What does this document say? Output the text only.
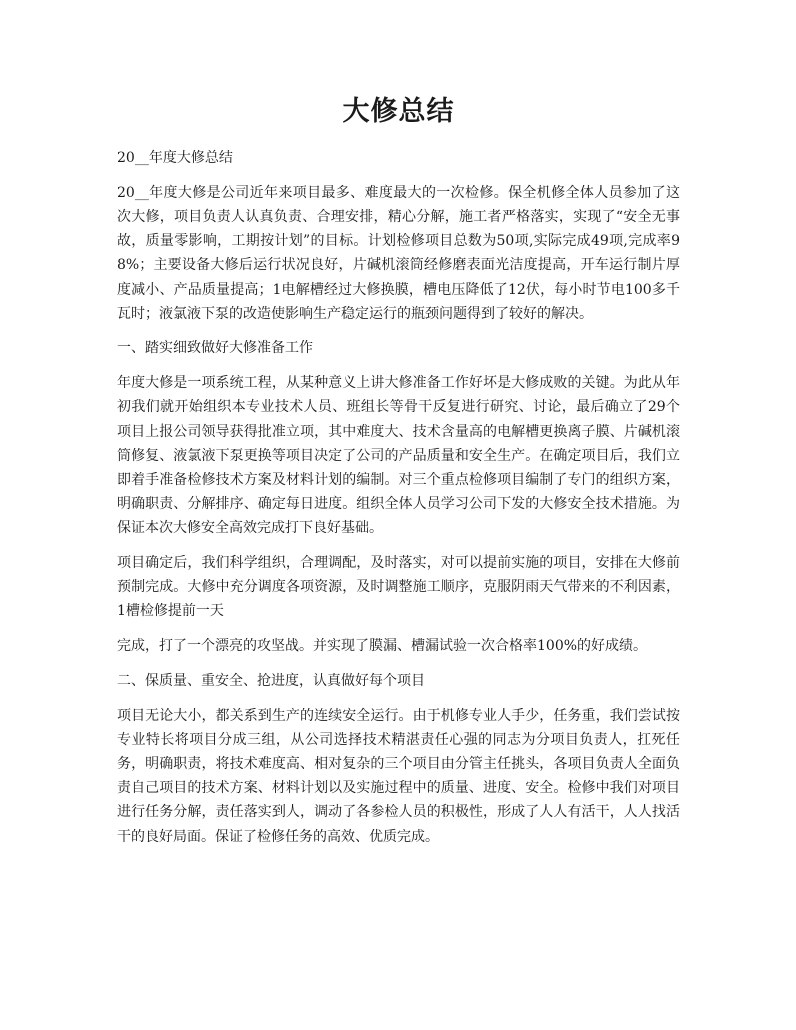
大修总结

20__年度大修总结

20__年度大修是公司近年来项目最多、难度最大的一次检修。保全机修全体人员参加了这次大修，项目负责人认真负责、合理安排，精心分解，施工者严格落实，实现了“安全无事故，质量零影响，工期按计划”的目标。计划检修项目总数为50项,实际完成49项,完成率98%；主要设备大修后运行状况良好，片碱机滚筒经修磨表面光洁度提高，开车运行制片厚度减小、产品质量提高；1电解槽经过大修换膜，槽电压降低了12伏，每小时节电100多千瓦时；液氯液下泵的改造使影响生产稳定运行的瓶颈问题得到了较好的解决。

一、踏实细致做好大修准备工作

年度大修是一项系统工程，从某种意义上讲大修准备工作好坏是大修成败的关键。为此从年初我们就开始组织本专业技术人员、班组长等骨干反复进行研究、讨论，最后确立了29个项目上报公司领导获得批准立项，其中难度大、技术含量高的电解槽更换离子膜、片碱机滚筒修复、液氯液下泵更换等项目决定了公司的产品质量和安全生产。在确定项目后，我们立即着手准备检修技术方案及材料计划的编制。对三个重点检修项目编制了专门的组织方案，明确职责、分解排序、确定每日进度。组织全体人员学习公司下发的大修安全技术措施。为保证本次大修安全高效完成打下良好基础。

项目确定后，我们科学组织，合理调配，及时落实，对可以提前实施的项目，安排在大修前预制完成。大修中充分调度各项资源，及时调整施工顺序，克服阴雨天气带来的不利因素，1槽检修提前一天

完成，打了一个漂亮的攻坚战。并实现了膜漏、槽漏试验一次合格率100%的好成绩。

二、保质量、重安全、抢进度，认真做好每个项目

项目无论大小，都关系到生产的连续安全运行。由于机修专业人手少，任务重，我们尝试按专业特长将项目分成三组，从公司选择技术精湛责任心强的同志为分项目负责人，扛死任务，明确职责，将技术难度高、相对复杂的三个项目由分管主任挑头，各项目负责人全面负责自己项目的技术方案、材料计划以及实施过程中的质量、进度、安全。检修中我们对项目进行任务分解，责任落实到人，调动了各参检人员的积极性，形成了人人有活干，人人找活干的良好局面。保证了检修任务的高效、优质完成。
